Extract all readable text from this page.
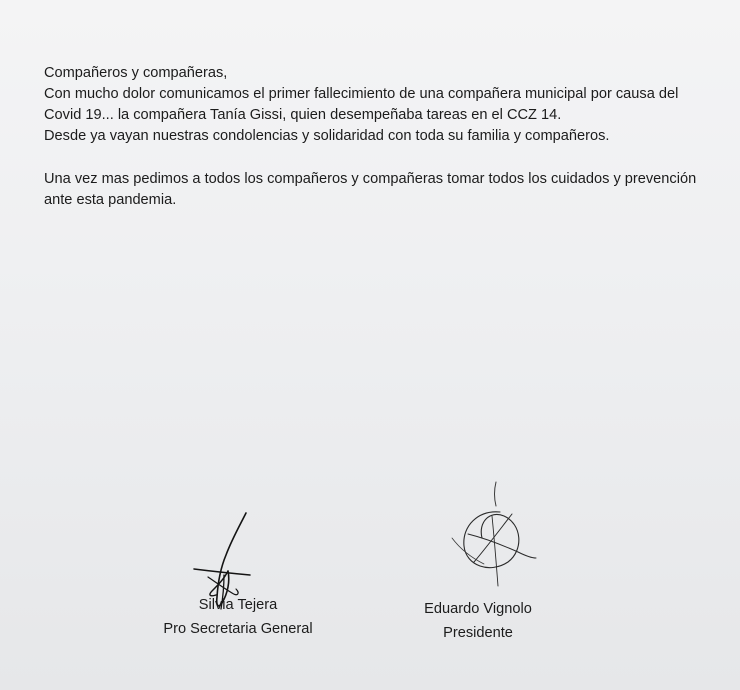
Compañeros y compañeras,

Con mucho dolor comunicamos el primer fallecimiento de una compañera municipal por causa del Covid 19... la compañera Tanía Gissi, quien desempeñaba tareas en el CCZ 14.

Desde ya vayan nuestras condolencias y solidaridad con toda su familia y compañeros.

Una vez mas pedimos a todos los compañeros y compañeras tomar todos los cuidados y prevención ante esta pandemia.

Silvia Tejera
Pro Secretaria General
Eduardo Vignolo
Presidente
